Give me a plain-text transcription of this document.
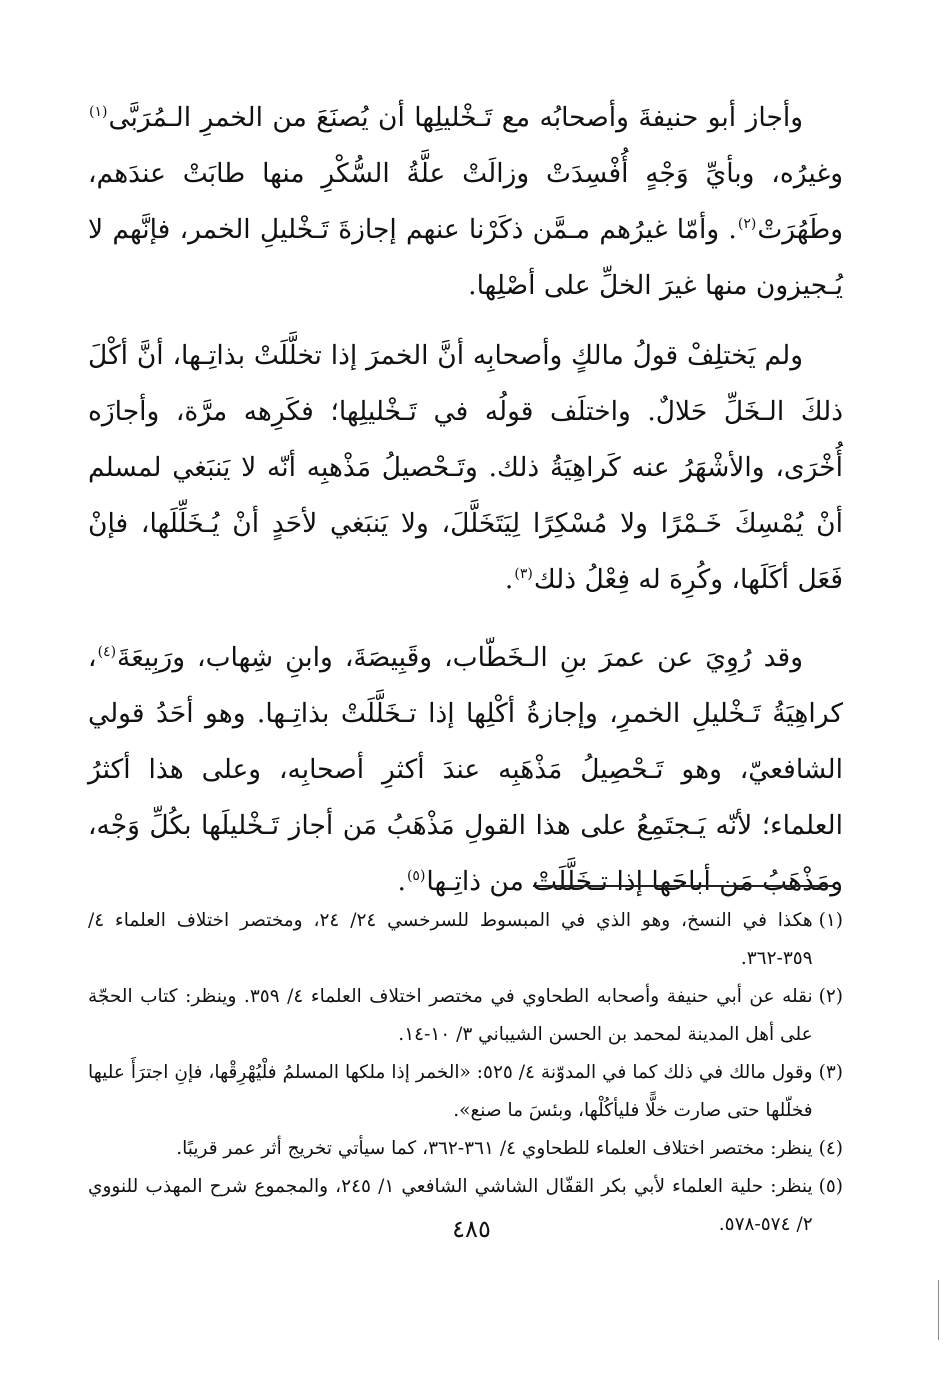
وأجاز أبو حنيفةَ وأصحابُه مع تَـخْليلِها أن يُصنَعَ من الخمرِ الـمُرَبَّى$^{(١)}$ وغيرُه، وبأيِّ وَجْهٍ أُفْسِدَتْ وزالَتْ علَّةُ السُّكْرِ منها طابَتْ عندَهم، وطَهُرَتْ$^{(٢)}$. وأمّا غيرُهم مـمَّن ذكَرْنا عنهم إجازةَ تَـخْليلِ الخمر، فإنَّهم لا يُـجيزون منها غيرَ الخلِّ على أصْلِها.

ولم يَختلِفْ قولُ مالكٍ وأصحابِه أنَّ الخمرَ إذا تخلَّلَتْ بذاتِـها، أنَّ أكْلَ ذلكَ الـخَلِّ حَلالٌ. واختلَف قولُه في تَـخْليلِها؛ فكَرِهه مرَّة، وأجازَه أُخْرَى، والأشْهَرُ عنه كَراهِيَةُ ذلك. وتَـحْصيلُ مَذْهبِه أنّه لا يَنبَغي لمسلم أنْ يُمْسِكَ خَـمْرًا ولا مُسْكِرًا لِيَتَخَلَّلَ، ولا يَنبَغي لأحَدٍ أنْ يُـخَلِّلَها، فإنْ فَعَل أكَلَها، وكُرِهَ له فِعْلُ ذلك$^{(٣)}$.

وقد رُوِيَ عن عمرَ بنِ الـخَطّاب، وقَبِيصَةَ، وابنِ شِهاب، ورَبِيعَةَ$^{(٤)}$، كراهِيَةُ تَـخْليلِ الخمرِ، وإجازةُ أكْلِها إذا تـخَلَّلَتْ بذاتِـها. وهو أحَدُ قولي الشافعيّ، وهو تَـحْصِيلُ مَذْهَبِه عندَ أكثرِ أصحابِه، وعلى هذا أكثرُ العلماء؛ لأنّه يَـجتَمِعُ على هذا القولِ مَذْهَبُ مَن أجاز تَـخْليلَها بكُلِّ وَجْه، ومَذْهَبُ مَن أباحَها إذا تـخَلَّلَتْ من ذاتِـها$^{(٥)}$.

(١)
هكذا في النسخ، وهو الذي في المبسوط للسرخسي ٢٤/ ٢٤، ومختصر اختلاف العلماء ٤/ ٣٥٩-٣٦٢.

(٢)
نقله عن أبي حنيفة وأصحابه الطحاوي في مختصر اختلاف العلماء ٤/ ٣٥٩. وينظر: كتاب الحجّة على أهل المدينة لمحمد بن الحسن الشيباني ٣/ ١٠-١٤.

(٣)
وقول مالك في ذلك كما في المدوّنة ٤/ ٥٢٥: «الخمر إذا ملكها المسلمُ فلْيُهْرِقْها، فإنِ اجترَأَ عليها فخلّلها حتى صارت خلًّا فليأكُلْها، وبئسَ ما صنع».

(٤)
ينظر: مختصر اختلاف العلماء للطحاوي ٤/ ٣٦١-٣٦٢، كما سيأتي تخريج أثر عمر قريبًا.

(٥)
ينظر: حلية العلماء لأبي بكر القفّال الشاشي الشافعي ١/ ٢٤٥، والمجموع شرح المهذب للنووي ٢/ ٥٧٤-٥٧٨.

٤٨٥
